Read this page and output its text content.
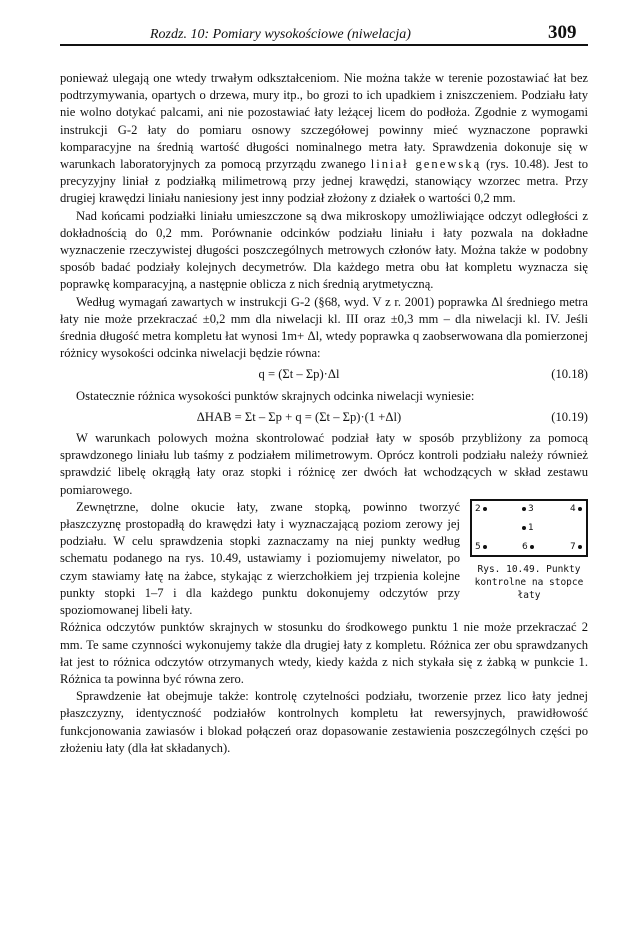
Rozdz. 10: Pomiary wysokościowe (niwelacja)	309

ponieważ ulegają one wtedy trwałym odkształceniom. Nie można także w terenie pozostawiać łat bez podtrzymywania, opartych o drzewa, mury itp., bo grozi to ich upadkiem i zniszczeniem. Podziału łaty nie wolno dotykać palcami, ani nie pozostawiać łaty leżącej licem do podłoża. Zgodnie z wymogami instrukcji G-2 łaty do pomiaru osnowy szczegółowej powinny mieć wyznaczone poprawki komparacyjne na średnią wartość długości nominalnego metra łaty. Sprawdzenia dokonuje się w warunkach laboratoryjnych za pomocą przyrządu zwanego liniał genewską (rys. 10.48). Jest to precyzyjny liniał z podziałką milimetrową przy jednej krawędzi, stanowiący wzorzec metra. Przy drugiej krawędzi liniału naniesiony jest inny podział złożony z działek o wartości 0,2 mm.

Nad końcami podziałki liniału umieszczone są dwa mikroskopy umożliwiające odczyt odległości z dokładnością do 0,2 mm. Porównanie odcinków podziału liniału i łaty pozwala na dokładne wyznaczenie rzeczywistej długości poszczególnych metrowych członów łaty. Można także w podobny sposób badać podziały kolejnych decymetrów. Dla każdego metra obu łat kompletu wyznacza się poprawkę komparacyjną, a następnie oblicza z nich średnią arytmetyczną.

Według wymagań zawartych w instrukcji G-2 (§68, wyd. V z r. 2001) poprawka Δl średniego metra łaty nie może przekraczać ±0,2 mm dla niwelacji kl. III oraz ±0,3 mm – dla niwelacji kl. IV. Jeśli średnia długość metra kompletu łat wynosi 1m+ Δl, wtedy poprawka q zaobserwowana dla pomierzonej różnicy wysokości odcinka niwelacji będzie równa:

q = (Σt – Σp)·Δl	(10.18)

Ostatecznie różnica wysokości punktów skrajnych odcinka niwelacji wyniesie:

ΔHAB = Σt – Σp + q = (Σt – Σp)·(1 +Δl)	(10.19)

W warunkach polowych można skontrolować podział łaty w sposób przybliżony za pomocą sprawdzonego liniału lub taśmy z podziałem milimetrowym. Oprócz kontroli podziału należy również sprawdzić libelę okrągłą łaty oraz stopki i różnicę zer dwóch łat wchodzących w skład zestawu pomiarowego.

Zewnętrzne, dolne okucie łaty, zwane stopką, powinno tworzyć płaszczyznę prostopadłą do krawędzi łaty i wyznaczającą poziom zerowy jej podziału. W celu sprawdzenia stopki zaznaczamy na niej punkty według schematu podanego na rys. 10.49, ustawiamy i poziomujemy niwelator, po czym stawiamy łatę na żabce, stykając z wierzchołkiem jej trzpienia kolejne punkty stopki 1–7 i dla każdego punktu dokonujemy odczytów przy spoziomowanej libeli łaty.

2	3	4
1
5	6	7
Rys. 10.49. Punkty kontrolne na stopce łaty

Różnica odczytów punktów skrajnych w stosunku do środkowego punktu 1 nie może przekraczać 2 mm. Te same czynności wykonujemy także dla drugiej łaty z kompletu. Różnica zer obu sprawdzanych łat jest to różnica odczytów otrzymanych wtedy, kiedy każda z nich stykała się z żabką w punkcie 1. Różnica ta powinna być równa zero.

Sprawdzenie łat obejmuje także: kontrolę czytelności podziału, tworzenie przez lico łaty jednej płaszczyzny, identyczność podziałów kontrolnych kompletu łat rewersyjnych, prawidłowość funkcjonowania zawiasów i blokad połączeń oraz dopasowanie zestawienia poszczególnych części po złożeniu łaty (dla łat składanych).
